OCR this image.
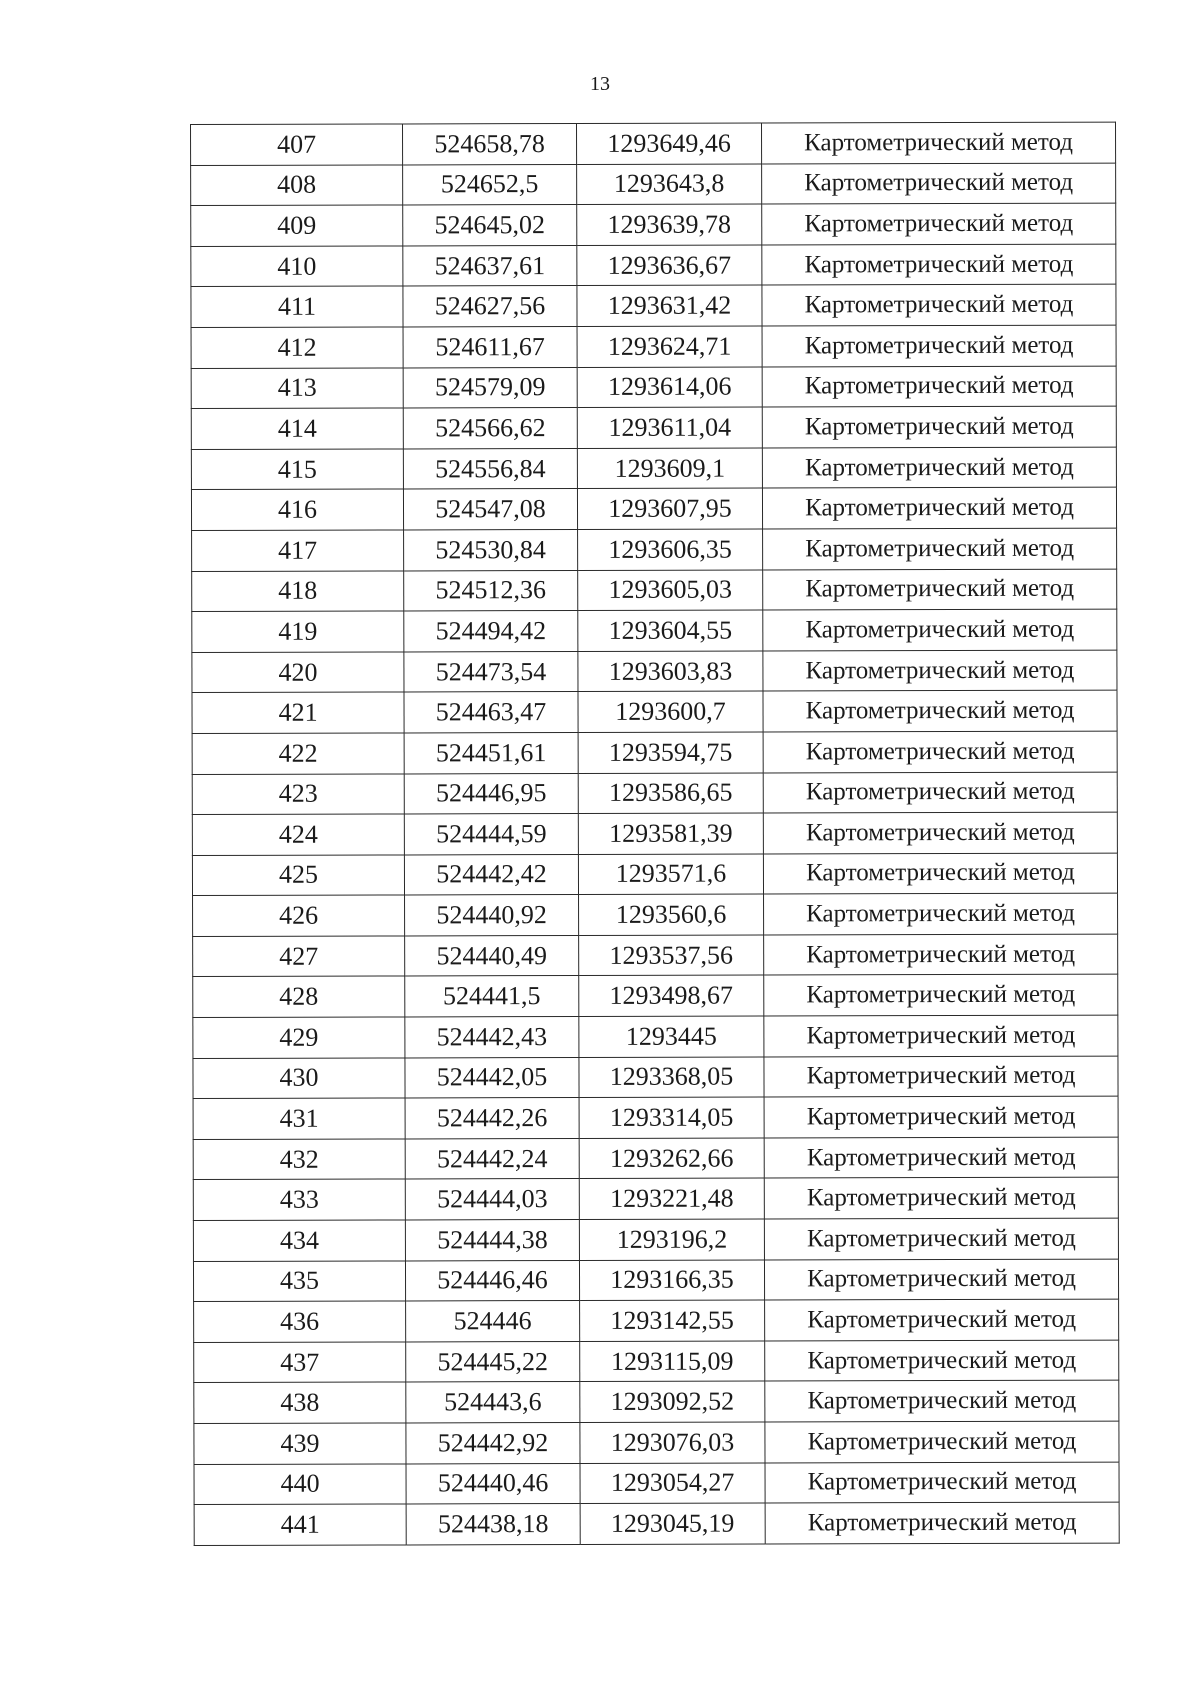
13
407	524658,78	1293649,46	Картометрический метод
408	524652,5	1293643,8	Картометрический метод
409	524645,02	1293639,78	Картометрический метод
410	524637,61	1293636,67	Картометрический метод
411	524627,56	1293631,42	Картометрический метод
412	524611,67	1293624,71	Картометрический метод
413	524579,09	1293614,06	Картометрический метод
414	524566,62	1293611,04	Картометрический метод
415	524556,84	1293609,1	Картометрический метод
416	524547,08	1293607,95	Картометрический метод
417	524530,84	1293606,35	Картометрический метод
418	524512,36	1293605,03	Картометрический метод
419	524494,42	1293604,55	Картометрический метод
420	524473,54	1293603,83	Картометрический метод
421	524463,47	1293600,7	Картометрический метод
422	524451,61	1293594,75	Картометрический метод
423	524446,95	1293586,65	Картометрический метод
424	524444,59	1293581,39	Картометрический метод
425	524442,42	1293571,6	Картометрический метод
426	524440,92	1293560,6	Картометрический метод
427	524440,49	1293537,56	Картометрический метод
428	524441,5	1293498,67	Картометрический метод
429	524442,43	1293445	Картометрический метод
430	524442,05	1293368,05	Картометрический метод
431	524442,26	1293314,05	Картометрический метод
432	524442,24	1293262,66	Картометрический метод
433	524444,03	1293221,48	Картометрический метод
434	524444,38	1293196,2	Картометрический метод
435	524446,46	1293166,35	Картометрический метод
436	524446	1293142,55	Картометрический метод
437	524445,22	1293115,09	Картометрический метод
438	524443,6	1293092,52	Картометрический метод
439	524442,92	1293076,03	Картометрический метод
440	524440,46	1293054,27	Картометрический метод
441	524438,18	1293045,19	Картометрический метод
